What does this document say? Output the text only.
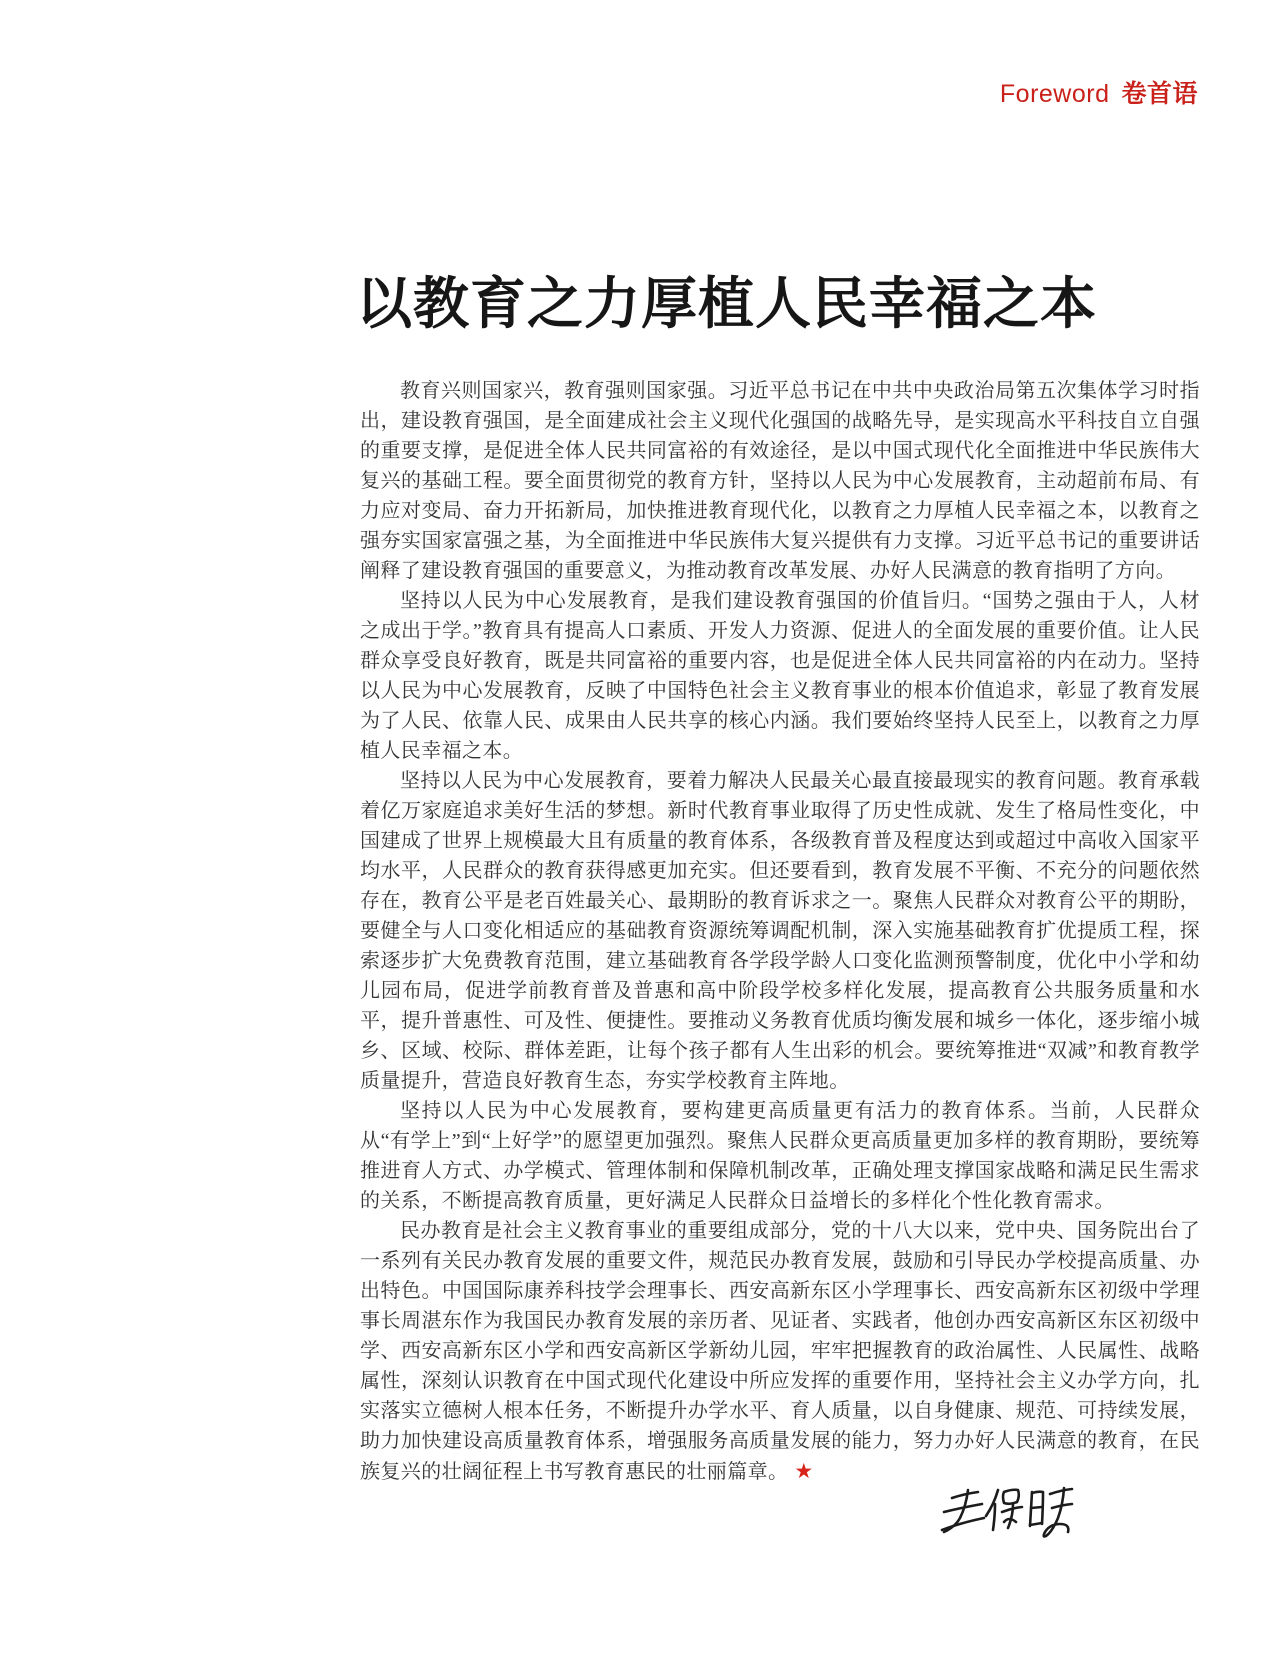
Foreword 卷首语
以教育之力厚植人民幸福之本

教育兴则国家兴，教育强则国家强。习近平总书记在中共中央政治局第五次集体学习时指出，建设教育强国，是全面建成社会主义现代化强国的战略先导，是实现高水平科技自立自强的重要支撑，是促进全体人民共同富裕的有效途径，是以中国式现代化全面推进中华民族伟大复兴的基础工程。要全面贯彻党的教育方针，坚持以人民为中心发展教育，主动超前布局、有力应对变局、奋力开拓新局，加快推进教育现代化，以教育之力厚植人民幸福之本，以教育之强夯实国家富强之基，为全面推进中华民族伟大复兴提供有力支撑。习近平总书记的重要讲话阐释了建设教育强国的重要意义，为推动教育改革发展、办好人民满意的教育指明了方向。

坚持以人民为中心发展教育，是我们建设教育强国的价值旨归。“国势之强由于人，人材之成出于学。”教育具有提高人口素质、开发人力资源、促进人的全面发展的重要价值。让人民群众享受良好教育，既是共同富裕的重要内容，也是促进全体人民共同富裕的内在动力。坚持以人民为中心发展教育，反映了中国特色社会主义教育事业的根本价值追求，彰显了教育发展为了人民、依靠人民、成果由人民共享的核心内涵。我们要始终坚持人民至上，以教育之力厚植人民幸福之本。

坚持以人民为中心发展教育，要着力解决人民最关心最直接最现实的教育问题。教育承载着亿万家庭追求美好生活的梦想。新时代教育事业取得了历史性成就、发生了格局性变化，中国建成了世界上规模最大且有质量的教育体系，各级教育普及程度达到或超过中高收入国家平均水平，人民群众的教育获得感更加充实。但还要看到，教育发展不平衡、不充分的问题依然存在，教育公平是老百姓最关心、最期盼的教育诉求之一。聚焦人民群众对教育公平的期盼，要健全与人口变化相适应的基础教育资源统筹调配机制，深入实施基础教育扩优提质工程，探索逐步扩大免费教育范围，建立基础教育各学段学龄人口变化监测预警制度，优化中小学和幼儿园布局，促进学前教育普及普惠和高中阶段学校多样化发展，提高教育公共服务质量和水平，提升普惠性、可及性、便捷性。要推动义务教育优质均衡发展和城乡一体化，逐步缩小城乡、区域、校际、群体差距，让每个孩子都有人生出彩的机会。要统筹推进“双减”和教育教学质量提升，营造良好教育生态，夯实学校教育主阵地。

坚持以人民为中心发展教育，要构建更高质量更有活力的教育体系。当前，人民群众从“有学上”到“上好学”的愿望更加强烈。聚焦人民群众更高质量更加多样的教育期盼，要统筹推进育人方式、办学模式、管理体制和保障机制改革，正确处理支撑国家战略和满足民生需求的关系，不断提高教育质量，更好满足人民群众日益增长的多样化个性化教育需求。

民办教育是社会主义教育事业的重要组成部分，党的十八大以来，党中央、国务院出台了一系列有关民办教育发展的重要文件，规范民办教育发展，鼓励和引导民办学校提高质量、办出特色。中国国际康养科技学会理事长、西安高新东区小学理事长、西安高新东区初级中学理事长周湛东作为我国民办教育发展的亲历者、见证者、实践者，他创办西安高新区东区初级中学、西安高新东区小学和西安高新区学新幼儿园，牢牢把握教育的政治属性、人民属性、战略属性，深刻认识教育在中国式现代化建设中所应发挥的重要作用，坚持社会主义办学方向，扎实落实立德树人根本任务，不断提升办学水平、育人质量，以自身健康、规范、可持续发展，助力加快建设高质量教育体系，增强服务高质量发展的能力，努力办好人民满意的教育，在民族复兴的壮阔征程上书写教育惠民的壮丽篇章。 ★
